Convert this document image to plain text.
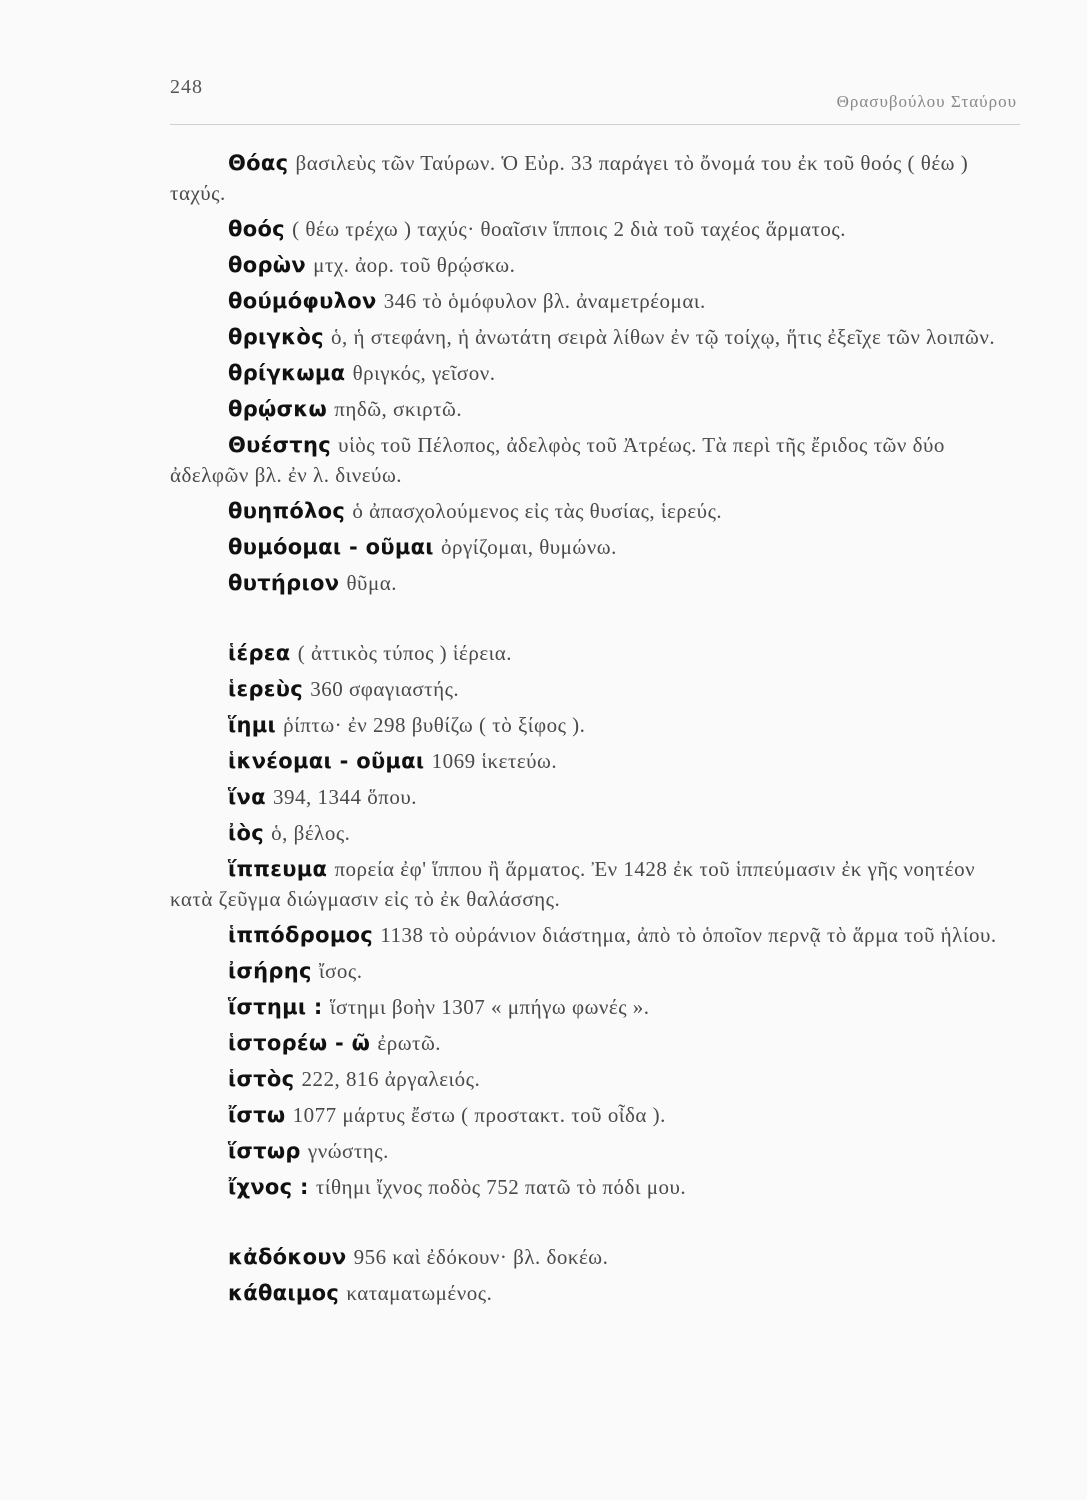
248
Θρασυβούλου Σταύρου

Θόας βασιλεὺς τῶν Ταύρων. Ὁ Εὐρ. 33 παράγει τὸ ὄνομά του ἐκ τοῦ θοός ( θέω ) ταχύς.

θοός ( θέω τρέχω ) ταχύς· θοαῖσιν ἵπποις 2 διὰ τοῦ ταχέος ἅρματος.

θορὼν μτχ. ἀορ. τοῦ θρῴσκω.

θούμόφυλον 346 τὸ ὁμόφυλον βλ. ἀναμετρέομαι.

θριγκὸς ὁ, ἡ στεφάνη, ἡ ἀνωτάτη σειρὰ λίθων ἐν τῷ τοίχῳ, ἥτις ἐξεῖχε τῶν λοιπῶν.

θρίγκωμα θριγκός, γεῖσον.

θρῴσκω πηδῶ, σκιρτῶ.

Θυέστης υἱὸς τοῦ Πέλοπος, ἀδελφὸς τοῦ Ἀτρέως. Τὰ περὶ τῆς ἔριδος τῶν δύο ἀδελφῶν βλ. ἐν λ. δινεύω.

θυηπόλος ὁ ἀπασχολούμενος εἰς τὰς θυσίας, ἱερεύς.

θυμόομαι - οῦμαι ὀργίζομαι, θυμώνω.

θυτήριον θῦμα.

ἱέρεα ( ἀττικὸς τύπος ) ἱέρεια.

ἱερεὺς 360 σφαγιαστής.

ἵημι ῥίπτω· ἐν 298 βυθίζω ( τὸ ξίφος ).

ἱκνέομαι - οῦμαι 1069 ἱκετεύω.

ἵνα 394, 1344 ὅπου.

ἰὸς ὁ, βέλος.

ἵππευμα πορεία ἐφ' ἵππου ἢ ἅρματος. Ἐν 1428 ἐκ τοῦ ἱππεύμασιν ἐκ γῆς νοητέον κατὰ ζεῦγμα διώγμασιν εἰς τὸ ἐκ θαλάσσης.

ἱππόδρομος 1138 τὸ οὐράνιον διάστημα, ἀπὸ τὸ ὁποῖον περνᾷ τὸ ἅρμα τοῦ ἡλίου.

ἰσήρης ἴσος.

ἵστημι : ἵστημι βοὴν 1307 « μπήγω φωνές ».

ἱστορέω - ῶ ἐρωτῶ.

ἱστὸς 222, 816 ἀργαλειός.

ἴστω 1077 μάρτυς ἔστω ( προστακτ. τοῦ οἶδα ).

ἵστωρ γνώστης.

ἴχνος : τίθημι ἴχνος ποδὸς 752 πατῶ τὸ πόδι μου.

κἀδόκουν 956 καὶ ἐδόκουν· βλ. δοκέω.

κάθαιμος καταματωμένος.
